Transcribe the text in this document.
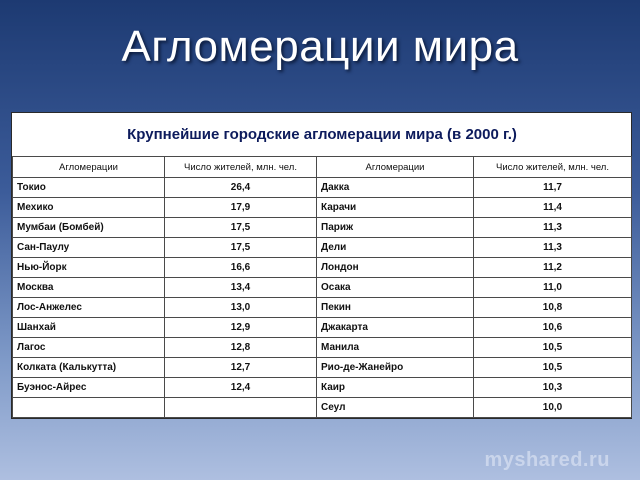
Агломерации мира
Крупнейшие городские агломерации мира (в 2000 г.)			
Агломерации	Число жителей, млн. чел.	Агломерации	Число жителей, млн. чел.
Токио	26,4	Дакка	11,7
Мехико	17,9	Карачи	11,4
Мумбаи (Бомбей)	17,5	Париж	11,3
Сан-Паулу	17,5	Дели	11,3
Нью-Йорк	16,6	Лондон	11,2
Москва	13,4	Осака	11,0
Лос-Анжелес	13,0	Пекин	10,8
Шанхай	12,9	Джакарта	10,6
Лагос	12,8	Манила	10,5
Колката (Калькутта)	12,7	Рио-де-Жанейро	10,5
Буэнос-Айрес	12,4	Каир	10,3
		Сеул	10,0
myshared.ru
